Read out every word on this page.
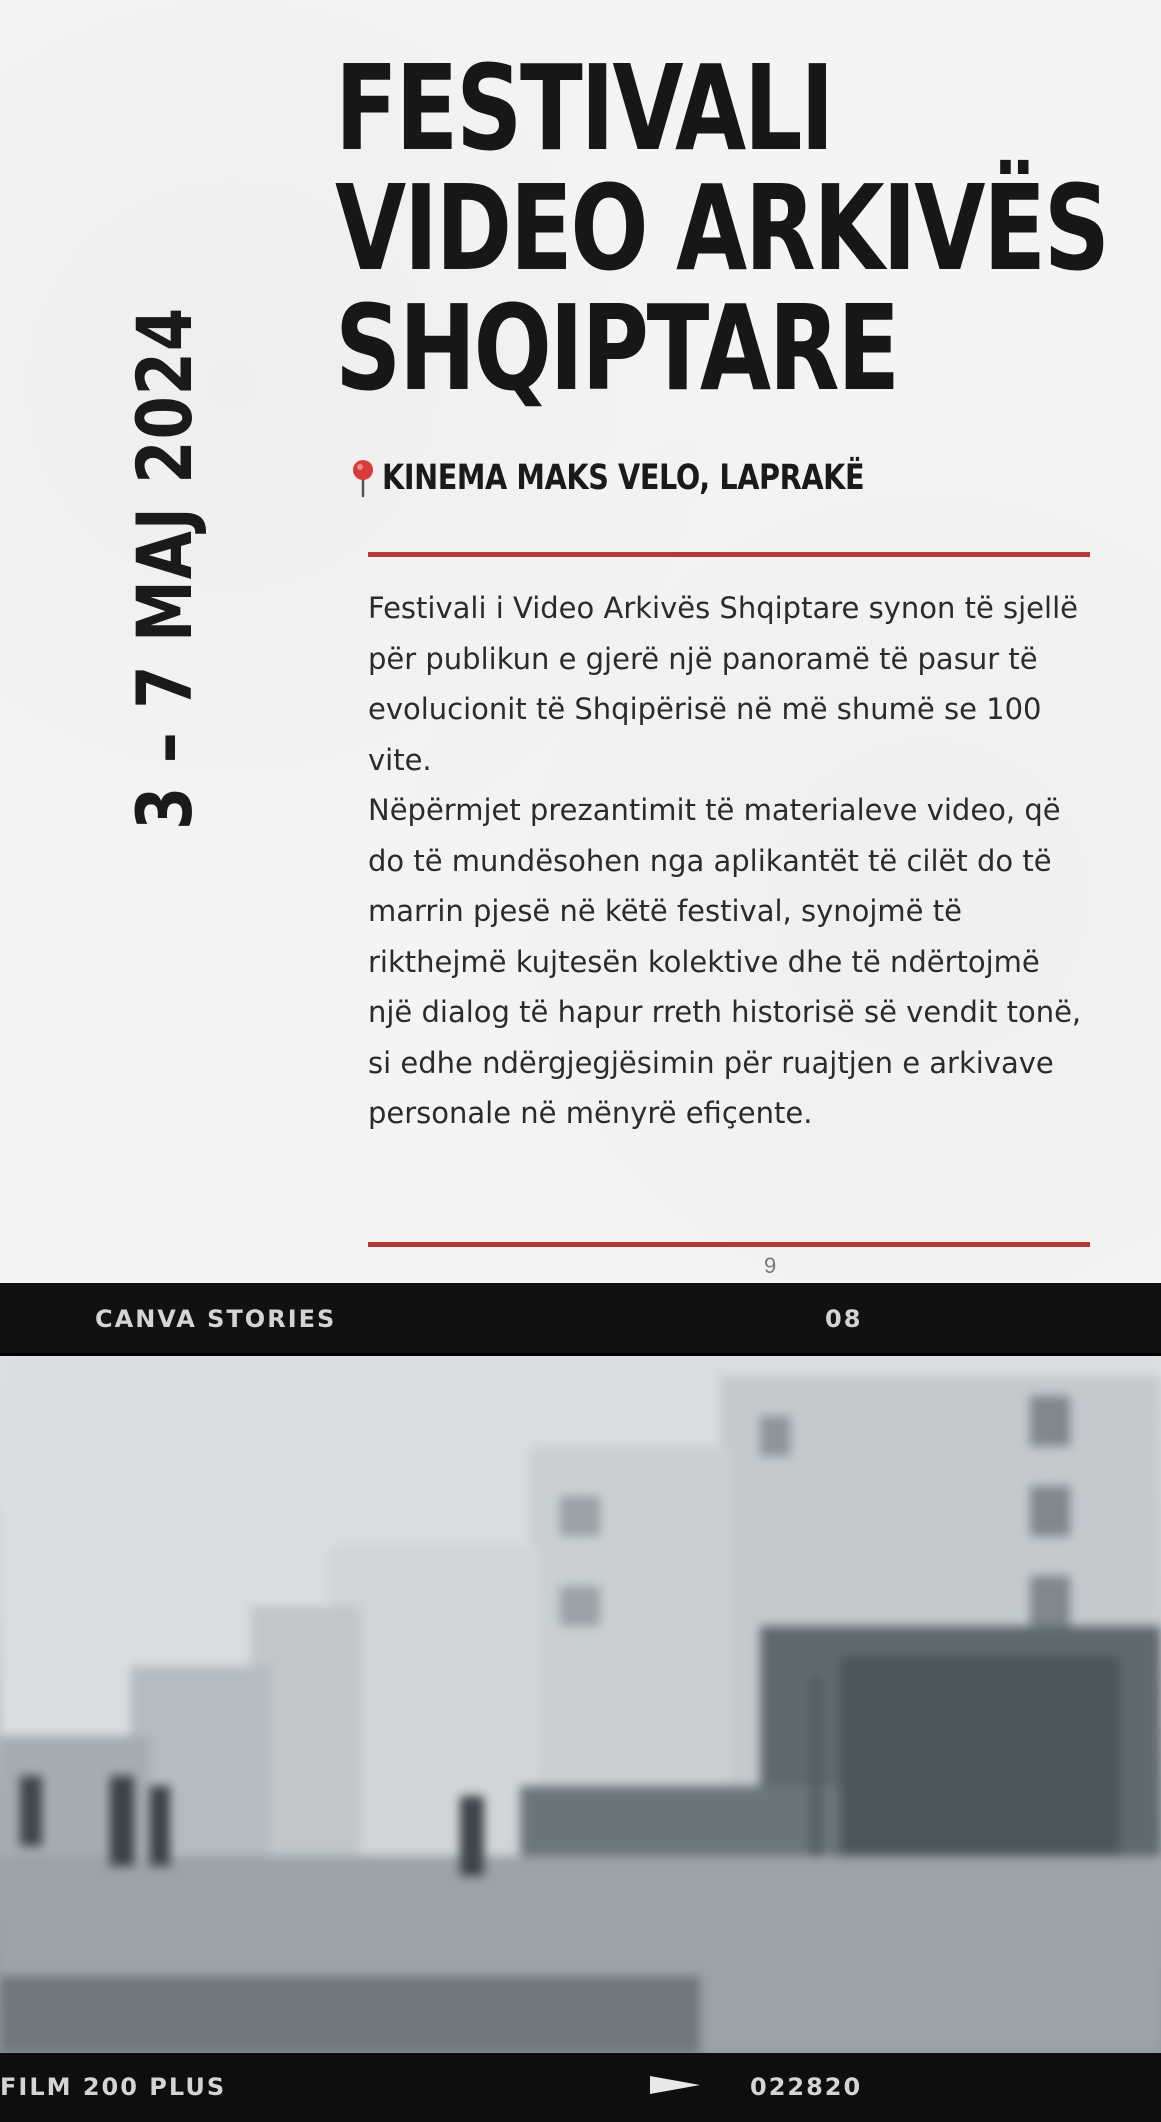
FESTIVALI
VIDEO ARKIVËS
SHQIPTARE
3 – 7 MAJ 2024	KINEMA MAKS VELO, LAPRAKË

Festivali i Video Arkivës Shqiptare synon të sjellë për publikun e gjerë një panoramë të pasur të evolucionit të Shqipërisë në më shumë se 100 vite.

Nëpërmjet prezantimit të materialeve video, që do të mundësohen nga aplikantët të cilët do të marrin pjesë në këtë festival, synojmë të rikthejmë kujtesën kolektive dhe të ndërtojmë një dialog të hapur rreth historisë së vendit tonë, si edhe ndërgjegjësimin për ruajtjen e arkivave personale në mënyrë efiçente.

9
CANVA STORIES	08
FILM 200 PLUS	022820
